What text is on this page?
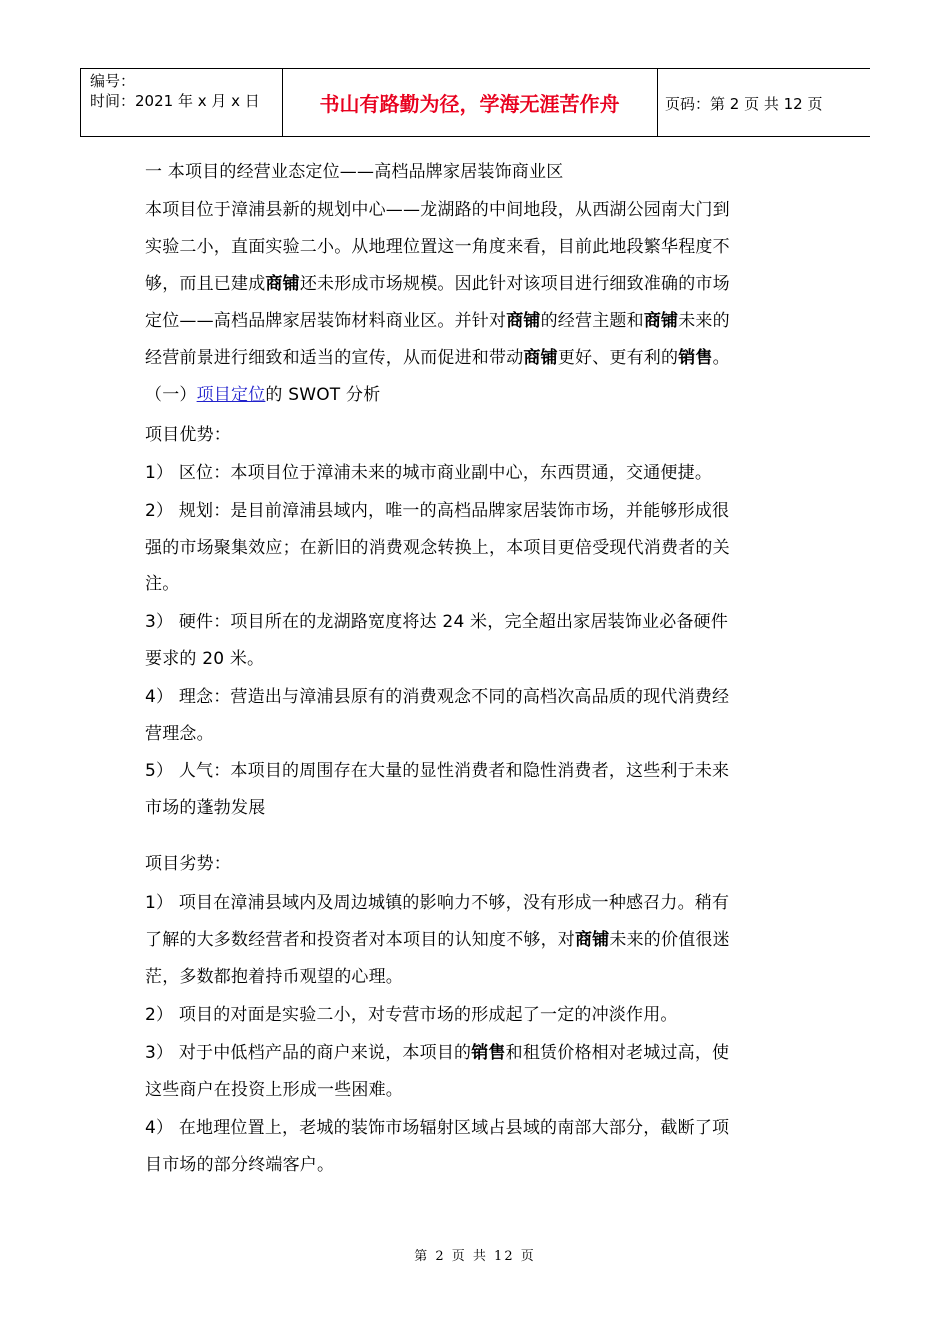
编号：
时间：2021 年 x 月 x 日	书山有路勤为径，学海无涯苦作舟	页码：第 2 页 共 12 页
一 本项目的经营业态定位——高档品牌家居装饰商业区
本项目位于漳浦县新的规划中心——龙湖路的中间地段，从西湖公园南大门到
实验二小，直面实验二小。从地理位置这一角度来看，目前此地段繁华程度不
够，而且已建成商铺还未形成市场规模。因此针对该项目进行细致准确的市场
定位——高档品牌家居装饰材料商业区。并针对商铺的经营主题和商铺未来的
经营前景进行细致和适当的宣传，从而促进和带动商铺更好、更有利的销售。
（一）项目定位的 SWOT 分析
项目优势：
1） 区位：本项目位于漳浦未来的城市商业副中心，东西贯通，交通便捷。
2） 规划：是目前漳浦县域内，唯一的高档品牌家居装饰市场，并能够形成很
强的市场聚集效应；在新旧的消费观念转换上，本项目更倍受现代消费者的关
注。
3） 硬件：项目所在的龙湖路宽度将达 24 米，完全超出家居装饰业必备硬件
要求的 20 米。
4） 理念：营造出与漳浦县原有的消费观念不同的高档次高品质的现代消费经
营理念。
5） 人气：本项目的周围存在大量的显性消费者和隐性消费者，这些利于未来
市场的蓬勃发展
项目劣势：
1） 项目在漳浦县域内及周边城镇的影响力不够，没有形成一种感召力。稍有
了解的大多数经营者和投资者对本项目的认知度不够，对商铺未来的价值很迷
茫，多数都抱着持币观望的心理。
2） 项目的对面是实验二小，对专营市场的形成起了一定的冲淡作用。
3） 对于中低档产品的商户来说，本项目的销售和租赁价格相对老城过高，使
这些商户在投资上形成一些困难。
4） 在地理位置上，老城的装饰市场辐射区域占县域的南部大部分，截断了项
目市场的部分终端客户。
第 2 页 共 12 页
